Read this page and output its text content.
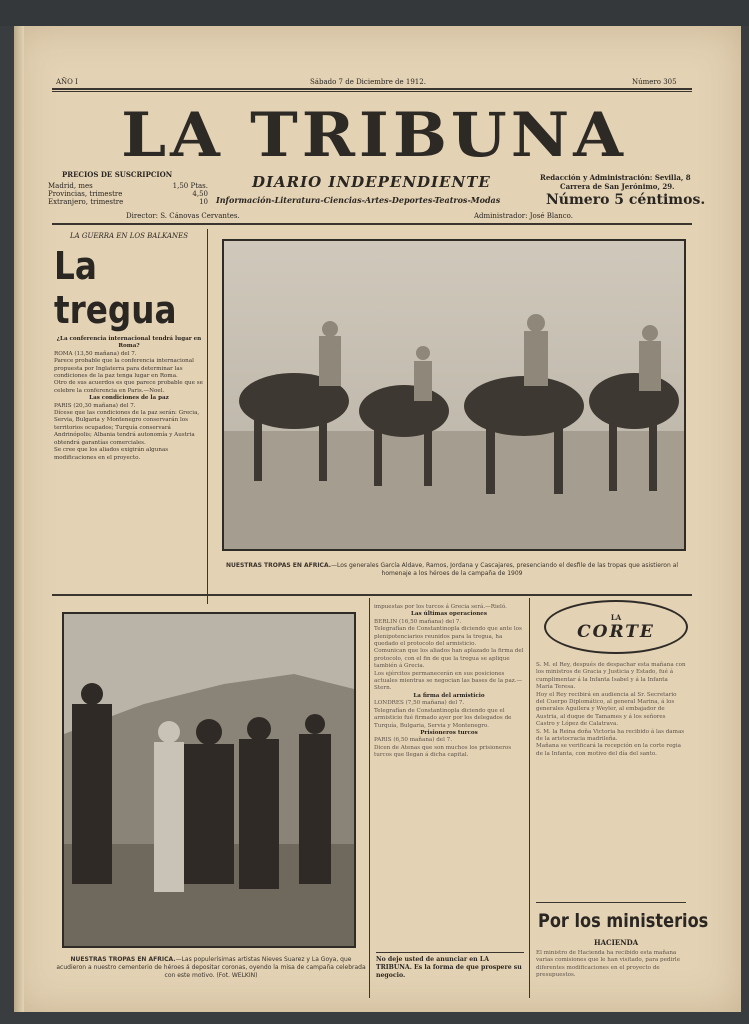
AÑO I	Sábado 7 de Diciembre de 1912.	Número 305
LA TRIBUNA
DIARIO INDEPENDIENTE
Información-Literatura-Ciencias-Artes-Deportes-Teatros-Modas
PRECIOS DE SUSCRIPCION
Madrid, mes	1,50 Ptas.
Provincias, trimestre	4,50
Extranjero, trimestre	10
Director: S. Cánovas Cervantes.
Redacción y Administración: Sevilla, 8
Carrera de San Jerónimo, 29.
Número 5 céntimos.
Administrador: José Blanco.
LA GUERRA EN LOS BALKANES
La tregua

¿La conferencia internacional tendrá lugar en Roma?

ROMA (13,50 mañana) del 7.

Parece probable que la conferencia internacional propuesta por Inglaterra para determinar las condiciones de la paz tenga lugar en Roma.

Otro de sus acuerdos es que parece probable que se celebre la conferencia en Paris.—Noel.

Las condiciones de la paz

PARIS (20,30 mañana) del 7.

Dícese que las condiciones de la paz serán: Grecia, Servia, Bulgaria y Montenegro conservarán los territorios ocupados; Turquía conservará Andrinópolis; Albania tendrá autonomía y Austria obtendrá garantías comerciales.

Se cree que los aliados exigirán algunas modificaciones en el proyecto.

NUESTRAS TROPAS EN AFRICA.—Los generales García Aldave, Ramos, Jordana y Cascajares, presenciando el desfile de las tropas que asistieron al homenaje a los héroes de la campaña de 1909
NUESTRAS TROPAS EN AFRICA.—Las populerísimas artistas Nieves Suarez y La Goya, que acudieron a nuestro cementerio de héroes á depositar coronas, oyendo la misa de campaña celebrada con este motivo. (Fot. WELKIN)

impuestas por los turcos á Grecia será.—Rieló.

Las últimas operaciones

BERLIN (16,50 mañana) del 7.

Telegrafían de Constantinopla diciendo que ante los plenipotenciarios reunidos para la tregua, ha quedado el protocolo del armisticio.

Comunican que los aliados han aplazado la firma del protocolo, con el fin de que la tregua se aplique también á Grecia.

Los ejércitos permanecerán en sus posiciones actuales mientras se negocian las bases de la paz.—Stern.

La firma del armisticio

LONDRES (7,50 mañana) del 7.

Telegrafían de Constantinopla diciendo que el armisticio fué firmado ayer por los delegados de Turquía, Bulgaria, Servia y Montenegro.

Prisioneros turcos

PARIS (6,50 mañana) del 7.

Dicen de Atenas que son muchos los prisioneros turcos que llegan á dicha capital.

No deje usted de anunciar en LA TRIBUNA. Es la forma de que prospere su negocio.
LA
CORTE

S. M. el Rey, después de despachar esta mañana con los ministros de Gracia y Justicia y Estado, fué á cumplimentar á la Infanta Isabel y á la Infanta María Teresa.

Hoy el Rey recibirá en audiencia al Sr. Secretario del Cuerpo Diplomático, al general Marina, á los generales Aguilera y Weyler, al embajador de Austria, al duque de Tamames y á los señores Castro y López de Calatrava.

S. M. la Reina doña Victoria ha recibido á las damas de la aristocracia madrileña.

Mañana se verificará la recepción en la corte regia de la Infanta, con motivo del día del santo.

Por los ministerios
HACIENDA
El ministro de Hacienda ha recibido esta mañana varias comisiones que le han visitado, para pedirle diferentes modificaciones en el proyecto de presupuestos.
